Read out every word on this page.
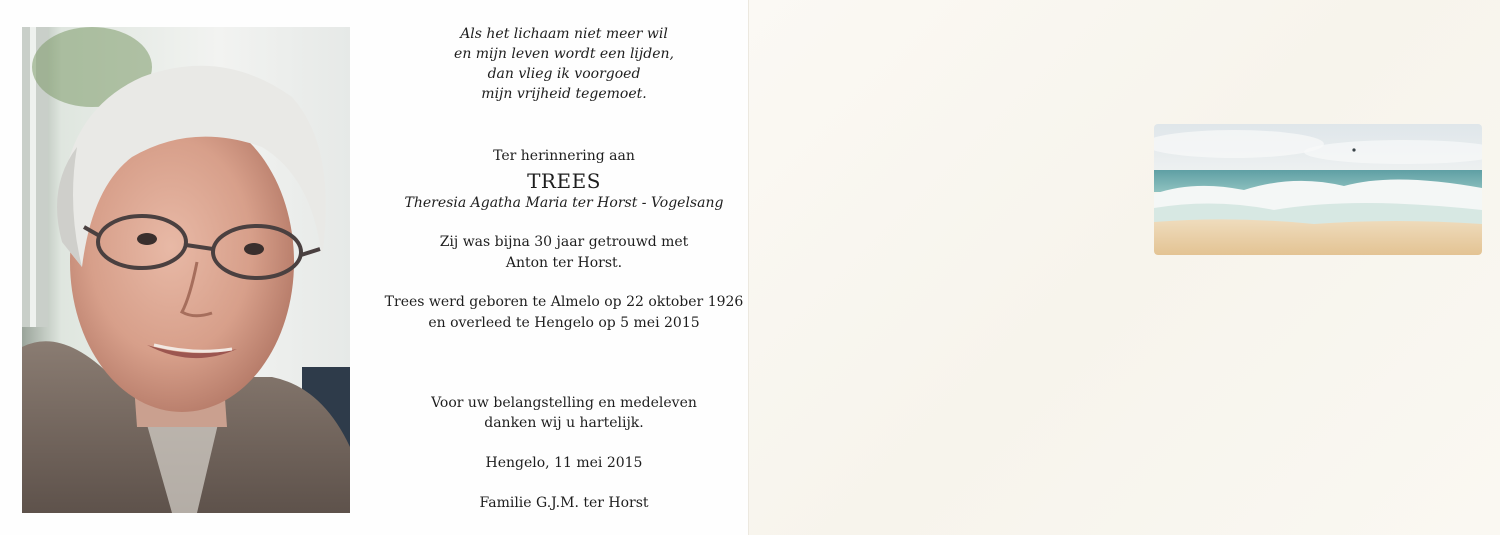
Als het lichaam niet meer wil
en mijn leven wordt een lijden,
dan vlieg ik voorgoed
mijn vrijheid tegemoet.
Ter herinnering aan
TREES
Theresia Agatha Maria ter Horst - Vogelsang
Zij was bijna 30 jaar getrouwd met
Anton ter Horst.
Trees werd geboren te Almelo op 22 oktober 1926
en overleed te Hengelo op 5 mei 2015
Voor uw belangstelling en medeleven
danken wij u hartelijk.
Hengelo, 11 mei 2015
Familie G.J.M. ter Horst
